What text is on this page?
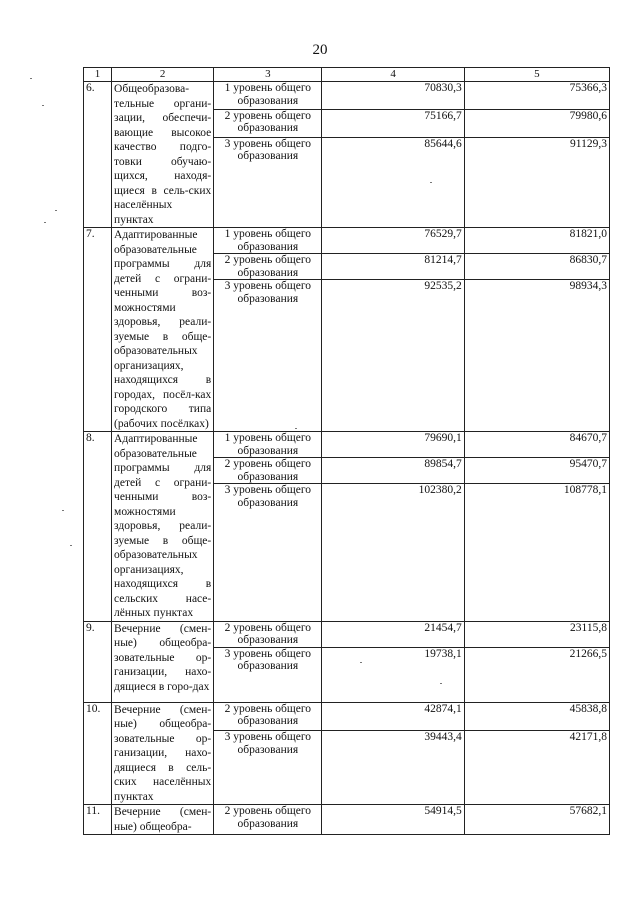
20
1	2	3	4	5
6.	Общеобразова-тельные органи-зации, обеспечи-вающие высокое качество подго-товки обучаю-щихся, находя-щиеся в сель-ских населённых пунктах	1 уровень общего образования	70830,3	75366,3
		2 уровень общего образования	75166,7	79980,6
		3 уровень общего образования	85644,6	91129,3
7.	Адаптированные образовательные программы для детей с ограни-ченными воз-можностями здоровья, реали-зуемые в обще-образовательных организациях, находящихся в городах, посёл-ках городского типа (рабочих посёлках)	1 уровень общего образования	76529,7	81821,0
		2 уровень общего образования	81214,7	86830,7
		3 уровень общего образования	92535,2	98934,3
8.	Адаптированные образовательные программы для детей с ограни-ченными воз-можностями здоровья, реали-зуемые в обще-образовательных организациях, находящихся в сельских насе-лённых пунктах	1 уровень общего образования	79690,1	84670,7
		2 уровень общего образования	89854,7	95470,7
		3 уровень общего образования	102380,2	108778,1
9.	Вечерние (смен-ные) общеобра-зовательные ор-ганизации, нахо-дящиеся в горо-дах	2 уровень общего образования	21454,7	23115,8
		3 уровень общего образования	19738,1	21266,5
10.	Вечерние (смен-ные) общеобра-зовательные ор-ганизации, нахо-дящиеся в сель-ских населённых пунктах	2 уровень общего образования	42874,1	45838,8
		3 уровень общего образования	39443,4	42171,8
11.	Вечерние (смен-ные) общеобра-	2 уровень общего образования	54914,5	57682,1
